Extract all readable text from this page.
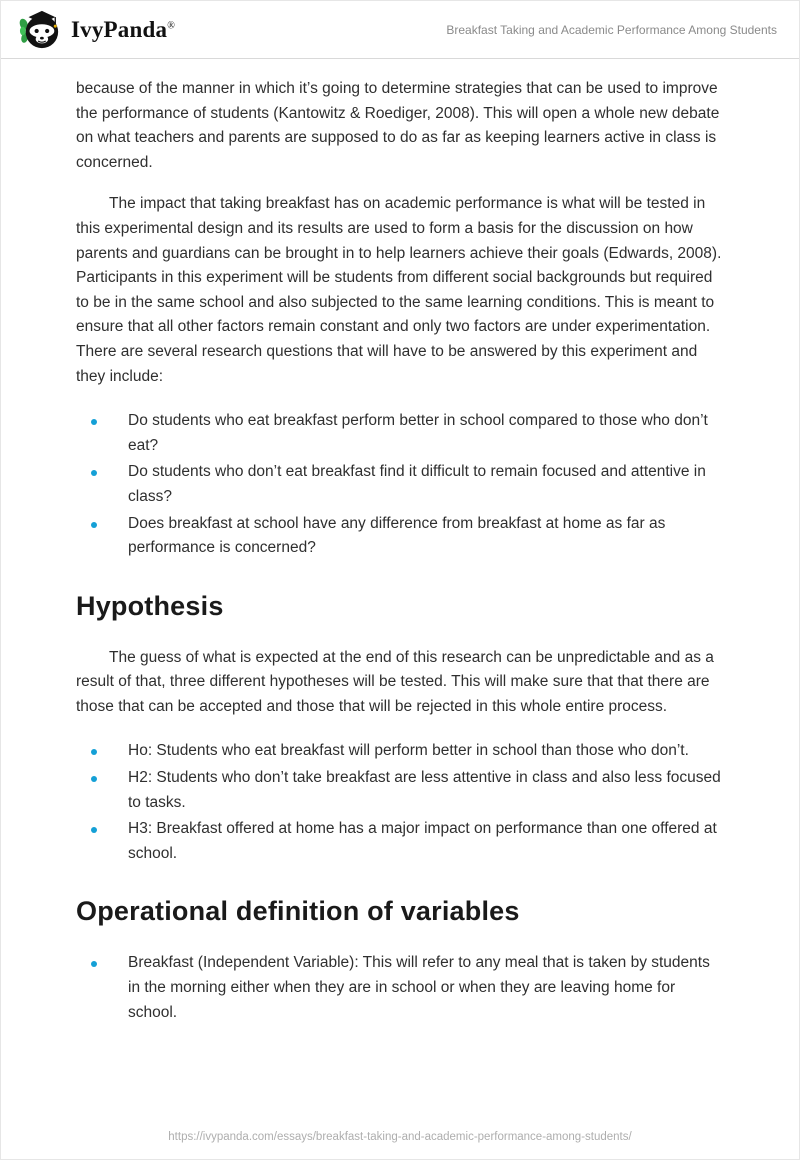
IvyPanda®	Breakfast Taking and Academic Performance Among Students

because of the manner in which it’s going to determine strategies that can be used to improve the performance of students (Kantowitz & Roediger, 2008). This will open a whole new debate on what teachers and parents are supposed to do as far as keeping learners active in class is concerned.

The impact that taking breakfast has on academic performance is what will be tested in this experimental design and its results are used to form a basis for the discussion on how parents and guardians can be brought in to help learners achieve their goals (Edwards, 2008). Participants in this experiment will be students from different social backgrounds but required to be in the same school and also subjected to the same learning conditions. This is meant to ensure that all other factors remain constant and only two factors are under experimentation. There are several research questions that will have to be answered by this experiment and they include:

Do students who eat breakfast perform better in school compared to those who don’t eat?
Do students who don’t eat breakfast find it difficult to remain focused and attentive in class?
Does breakfast at school have any difference from breakfast at home as far as performance is concerned?
Hypothesis

The guess of what is expected at the end of this research can be unpredictable and as a result of that, three different hypotheses will be tested. This will make sure that that there are those that can be accepted and those that will be rejected in this whole entire process.

Ho: Students who eat breakfast will perform better in school than those who don’t.
H2: Students who don’t take breakfast are less attentive in class and also less focused to tasks.
H3: Breakfast offered at home has a major impact on performance than one offered at school.
Operational definition of variables
Breakfast (Independent Variable): This will refer to any meal that is taken by students in the morning either when they are in school or when they are leaving home for school.
https://ivypanda.com/essays/breakfast-taking-and-academic-performance-among-students/
